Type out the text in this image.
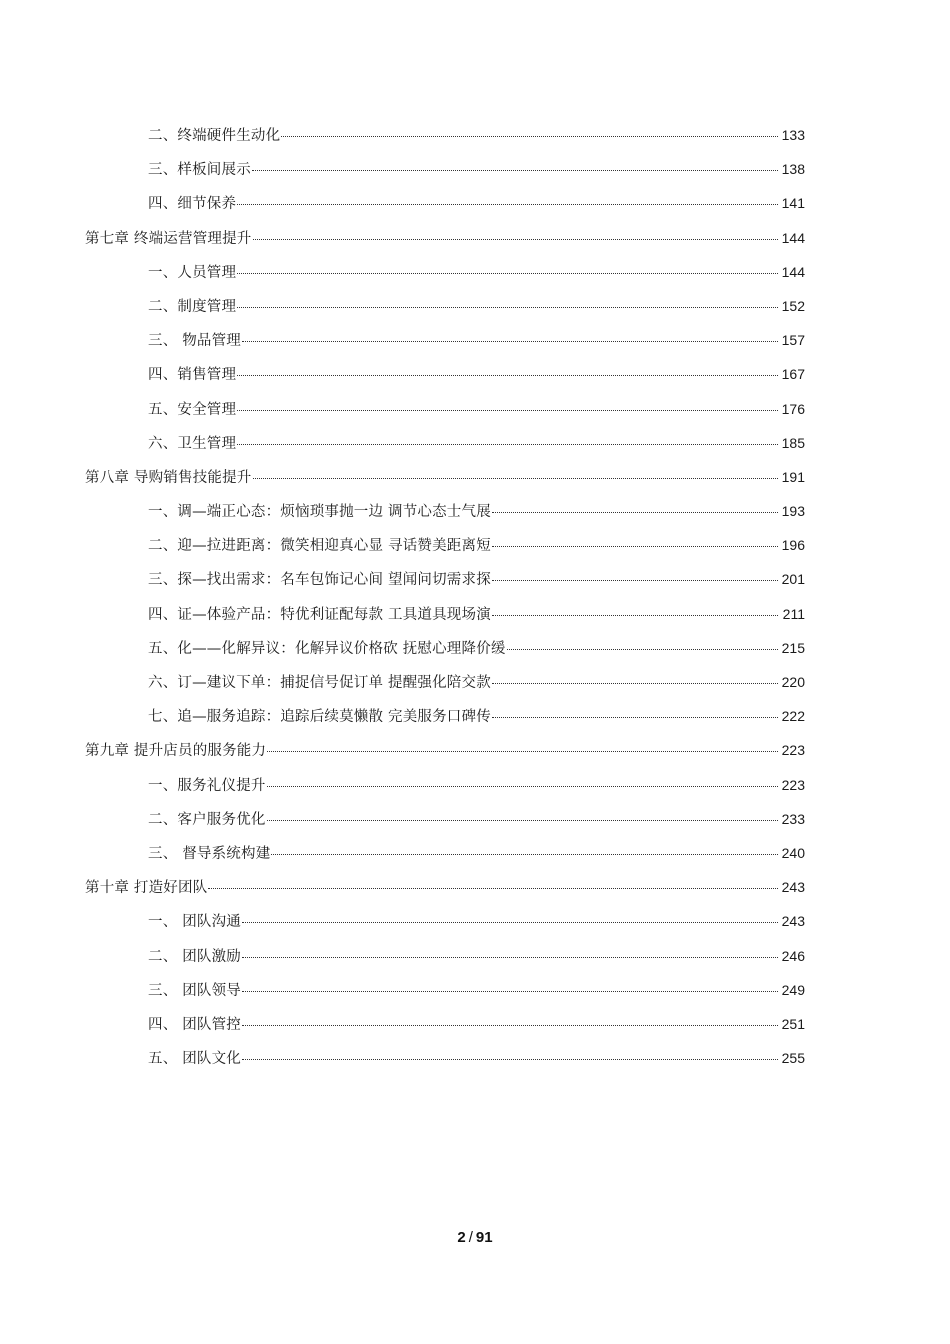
二、终端硬件生动化	133
三、样板间展示	138
四、细节保养	141
第七章 终端运营管理提升	144
一、人员管理	144
二、制度管理	152
三、 物品管理	157
四、销售管理	167
五、安全管理	176
六、卫生管理	185
第八章 导购销售技能提升	191
一、调—端正心态：烦恼琐事抛一边 调节心态士气展	193
二、迎—拉进距离：微笑相迎真心显 寻话赞美距离短	196
三、探—找出需求：名车包饰记心间 望闻问切需求探	201
四、证—体验产品：特优利证配每款 工具道具现场演	211
五、化——化解异议：化解异议价格砍 抚慰心理降价缓	215
六、订—建议下单：捕捉信号促订单 提醒强化陪交款	220
七、追—服务追踪：追踪后续莫懒散 完美服务口碑传	222
第九章 提升店员的服务能力	223
一、服务礼仪提升	223
二、客户服务优化	233
三、 督导系统构建	240
第十章 打造好团队	243
一、 团队沟通	243
二、 团队激励	246
三、 团队领导	249
四、 团队管控	251
五、 团队文化	255
2 / 91
